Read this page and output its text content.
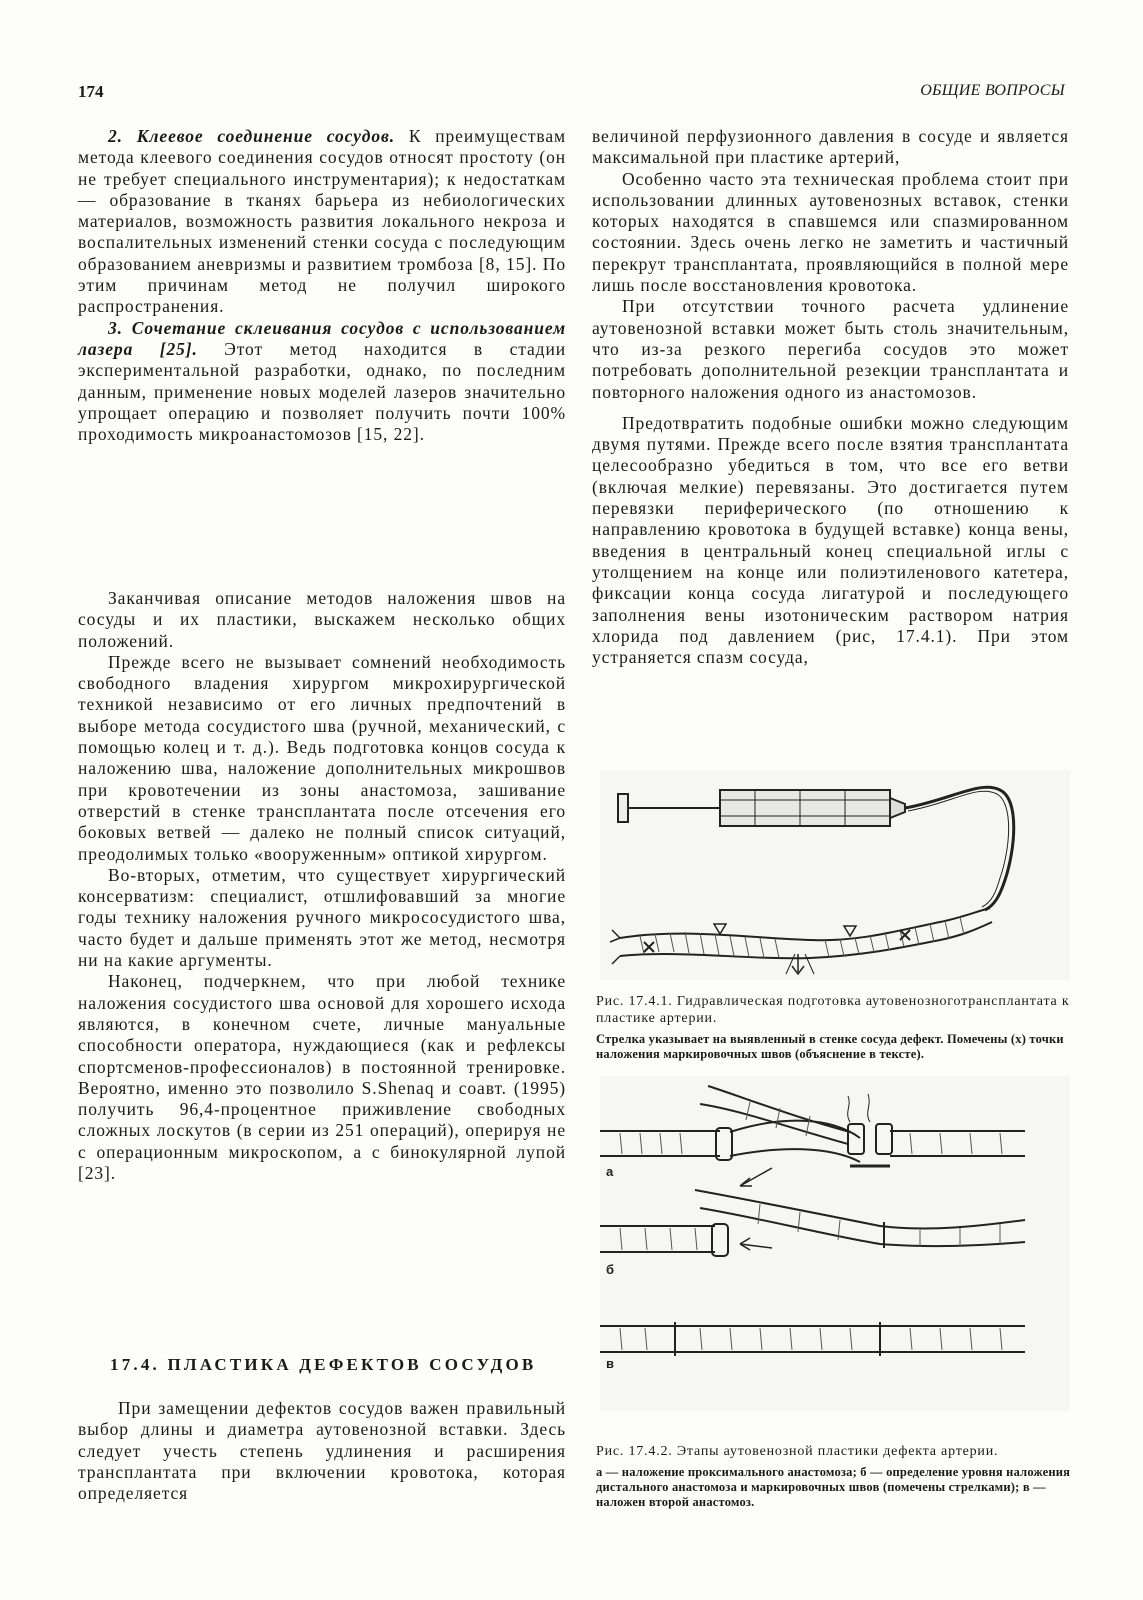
174	ОБЩИЕ ВОПРОСЫ

2. Клеевое соединение сосудов. К преимуществам метода клеевого соединения сосудов относят простоту (он не требует специального инструментария); к недостаткам — образование в тканях барьера из небиологических материалов, возможность развития локального некроза и воспалительных изменений стенки сосуда с последующим образованием аневризмы и развитием тромбоза [8, 15]. По этим причинам метод не получил широкого распространения.

3. Сочетание склеивания сосудов с использованием лазера [25]. Этот метод находится в стадии экспериментальной разработки, однако, по последним данным, применение новых моделей лазеров значительно упрощает операцию и позволяет получить почти 100% проходимость микроанастомозов [15, 22].

Заканчивая описание методов наложения швов на сосуды и их пластики, выскажем несколько общих положений.

Прежде всего не вызывает сомнений необходимость свободного владения хирургом микрохирургической техникой независимо от его личных предпочтений в выборе метода сосудистого шва (ручной, механический, с помощью колец и т. д.). Ведь подготовка концов сосуда к наложению шва, наложение дополнительных микрошвов при кровотечении из зоны анастомоза, зашивание отверстий в стенке трансплантата после отсечения его боковых ветвей — далеко не полный список ситуаций, преодолимых только «вооруженным» оптикой хирургом.

Во-вторых, отметим, что существует хирургический консерватизм: специалист, отшлифовавший за многие годы технику наложения ручного микрососудистого шва, часто будет и дальше применять этот же метод, несмотря ни на какие аргументы.

Наконец, подчеркнем, что при любой технике наложения сосудистого шва основой для хорошего исхода являются, в конечном счете, личные мануальные способности оператора, нуждающиеся (как и рефлексы спортсменов-профессионалов) в постоянной тренировке. Вероятно, именно это позволило S.Shenaq и соавт. (1995) получить 96,4-процентное приживление свободных сложных лоскутов (в серии из 251 операций), оперируя не с операционным микроскопом, а с бинокулярной лупой [23].

17.4. ПЛАСТИКА ДЕФЕКТОВ СОСУДОВ

При замещении дефектов сосудов важен правильный выбор длины и диаметра аутовенозной вставки. Здесь следует учесть степень удлинения и расширения трансплантата при включении кровотока, которая определяется

величиной перфузионного давления в сосуде и является максимальной при пластике артерий,

Особенно часто эта техническая проблема стоит при использовании длинных аутовенозных вставок, стенки которых находятся в спавшемся или спазмированном состоянии. Здесь очень легко не заметить и частичный перекрут трансплантата, проявляющийся в полной мере лишь после восстановления кровотока.

При отсутствии точного расчета удлинение аутовенозной вставки может быть столь значительным, что из-за резкого перегиба сосудов это может потребовать дополнительной резекции трансплантата и повторного наложения одного из анастомозов.

Предотвратить подобные ошибки можно следующим двумя путями. Прежде всего после взятия трансплантата целесообразно убедиться в том, что все его ветви (включая мелкие) перевязаны. Это достигается путем перевязки периферического (по отношению к направлению кровотока в будущей вставке) конца вены, введения в центральный конец специальной иглы с утолщением на конце или полиэтиленового катетера, фиксации конца сосуда лигатурой и последующего заполнения вены изотоническим раствором натрия хлорида под давлением (рис, 17.4.1). При этом устраняется спазм сосуда,

Рис. 17.4.1. Гидравлическая подготовка аутовенозноготрансплантата к пластике артерии.
Стрелка указывает на выявленный в стенке сосуда дефект. Помечены (х) точки наложения маркировочных швов (объяснение в тексте).
а
б
в
Рис. 17.4.2. Этапы аутовенозной пластики дефекта артерии.
а — наложение проксимального анастомоза; б — определение уровня наложения дистального анастомоза и маркировочных швов (помечены стрелками); в — наложен второй анастомоз.
